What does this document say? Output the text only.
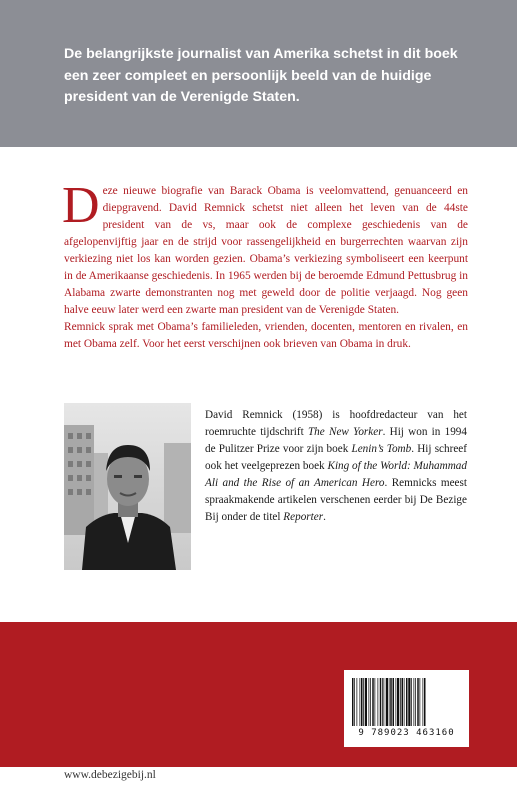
De belangrijkste journalist van Amerika schetst in dit boek een zeer compleet en persoonlijk beeld van de huidige president van de Verenigde Staten.

Deze nieuwe biografie van Barack Obama is veelomvattend, genuanceerd en diepgravend. David Remnick schetst niet alleen het leven van de 44ste president van de vs, maar ook de complexe geschiedenis van de afgelopenvijftig jaar en de strijd voor rassengelijkheid en burgerrechten waarvan zijn verkiezing niet los kan worden gezien. Obama’s verkiezing symboliseert een keerpunt in de Amerikaanse geschiedenis. In 1965 werden bij de beroemde Edmund Pettusbrug in Alabama zwarte demonstranten nog met geweld door de politie verjaagd. Nog geen halve eeuw later werd een zwarte man president van de Verenigde Staten.
Remnick sprak met Obama’s familieleden, vrienden, docenten, mentoren en rivalen, en met Obama zelf. Voor het eerst verschijnen ook brieven van Obama in druk.

David Remnick (1958) is hoofdredacteur van het roemruchte tijdschrift The New Yorker. Hij won in 1994 de Pulitzer Prize voor zijn boek Lenin’s Tomb. Hij schreef ook het veelgeprezen boek King of the World: Muhammad Ali and the Rise of an American Hero. Remnicks meest spraakmakende artikelen verschenen eerder bij De Bezige Bij onder de titel Reporter.

9 789023 463160

www.debezigebij.nl
